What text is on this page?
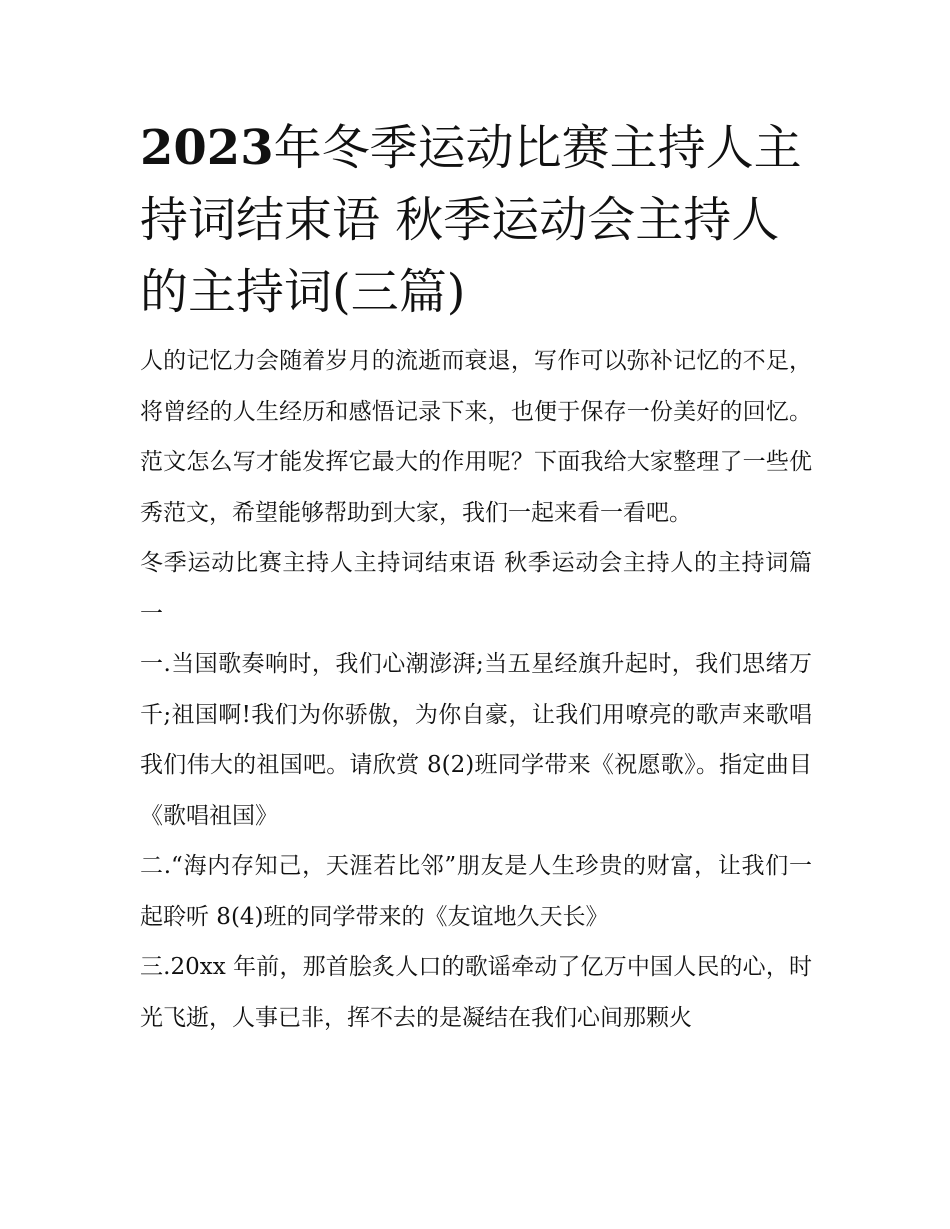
2023年冬季运动比赛主持人主持词结束语 秋季运动会主持人的主持词(三篇)

人的记忆力会随着岁月的流逝而衰退，写作可以弥补记忆的不足，将曾经的人生经历和感悟记录下来，也便于保存一份美好的回忆。范文怎么写才能发挥它最大的作用呢？下面我给大家整理了一些优秀范文，希望能够帮助到大家，我们一起来看一看吧。

冬季运动比赛主持人主持词结束语 秋季运动会主持人的主持词篇一

一.当国歌奏响时，我们心潮澎湃;当五星经旗升起时，我们思绪万千;祖国啊!我们为你骄傲，为你自豪，让我们用嘹亮的歌声来歌唱我们伟大的祖国吧。请欣赏 8(2)班同学带来《祝愿歌》。指定曲目《歌唱祖国》

二.“海内存知己，天涯若比邻”朋友是人生珍贵的财富，让我们一起聆听 8(4)班的同学带来的《友谊地久天长》

三.20xx 年前，那首脍炙人口的歌谣牵动了亿万中国人民的心，时光飞逝，人事已非，挥不去的是凝结在我们心间那颗火
